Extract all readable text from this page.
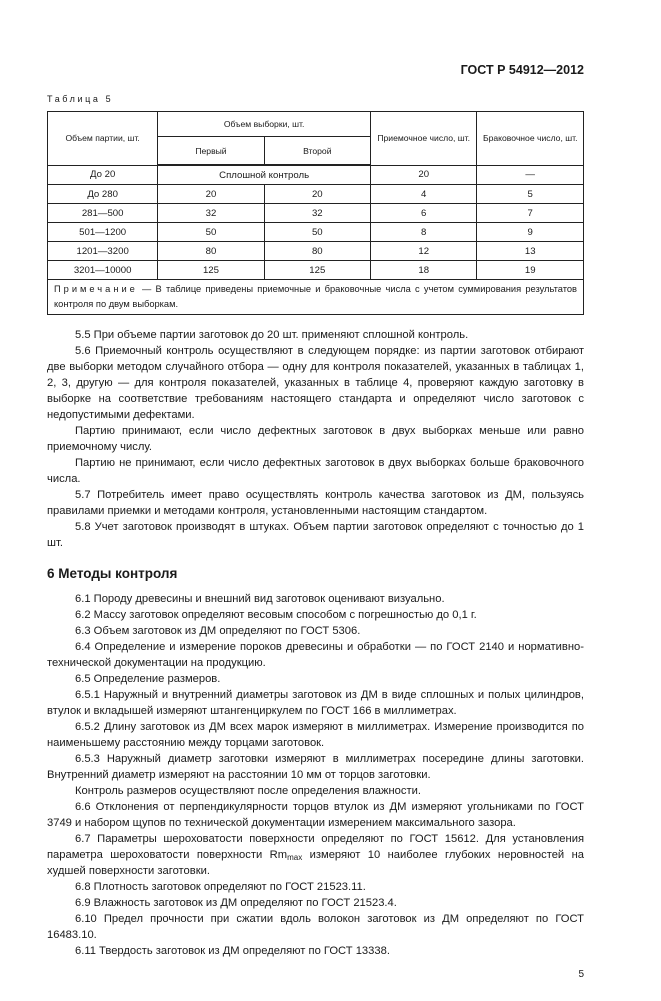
ГОСТ Р 54912—2012
Таблица 5
Объем партии, шт.	Объем выборки, шт.		Приемочное число, шт.	Браковочное число, шт.
	Первый	Второй		
До 20	Сплошной контроль		20	—
До 280	20	20	4	5
281—500	32	32	6	7
501—1200	50	50	8	9
1201—3200	80	80	12	13
3201—10000	125	125	18	19
Примечание — В таблице приведены приемочные и браковочные числа с учетом суммирования результатов контроля по двум выборкам.				

5.5 При объеме партии заготовок до 20 шт. применяют сплошной контроль.

5.6 Приемочный контроль осуществляют в следующем порядке: из партии заготовок отбирают две выборки методом случайного отбора — одну для контроля показателей, указанных в таблицах 1, 2, 3, другую — для контроля показателей, указанных в таблице 4, проверяют каждую заготовку в выборке на соответствие требованиям настоящего стандарта и определяют число заготовок с недопустимыми дефектами.

Партию принимают, если число дефектных заготовок в двух выборках меньше или равно приемочному числу.

Партию не принимают, если число дефектных заготовок в двух выборках больше браковочного числа.

5.7 Потребитель имеет право осуществлять контроль качества заготовок из ДМ, пользуясь правилами приемки и методами контроля, установленными настоящим стандартом.

5.8 Учет заготовок производят в штуках. Объем партии заготовок определяют с точностью до 1 шт.

6 Методы контроля

6.1 Породу древесины и внешний вид заготовок оценивают визуально.

6.2 Массу заготовок определяют весовым способом с погрешностью до 0,1 г.

6.3 Объем заготовок из ДМ определяют по ГОСТ 5306.

6.4 Определение и измерение пороков древесины и обработки — по ГОСТ 2140 и нормативно-технической документации на продукцию.

6.5 Определение размеров.

6.5.1 Наружный и внутренний диаметры заготовок из ДМ в виде сплошных и полых цилиндров, втулок и вкладышей измеряют штангенциркулем по ГОСТ 166 в миллиметрах.

6.5.2 Длину заготовок из ДМ всех марок измеряют в миллиметрах. Измерение производится по наименьшему расстоянию между торцами заготовок.

6.5.3 Наружный диаметр заготовки измеряют в миллиметрах посередине длины заготовки. Внутренний диаметр измеряют на расстоянии 10 мм от торцов заготовки.

Контроль размеров осуществляют после определения влажности.

6.6 Отклонения от перпендикулярности торцов втулок из ДМ измеряют угольниками по ГОСТ 3749 и набором щупов по технической документации измерением максимального зазора.

6.7 Параметры шероховатости поверхности определяют по ГОСТ 15612. Для установления параметра шероховатости поверхности $Rm_{max}$ измеряют 10 наиболее глубоких неровностей на худшей поверхности заготовки.

6.8 Плотность заготовок определяют по ГОСТ 21523.11.

6.9 Влажность заготовок из ДМ определяют по ГОСТ 21523.4.

6.10 Предел прочности при сжатии вдоль волокон заготовок из ДМ определяют по ГОСТ 16483.10.

6.11 Твердость заготовок из ДМ определяют по ГОСТ 13338.

5
